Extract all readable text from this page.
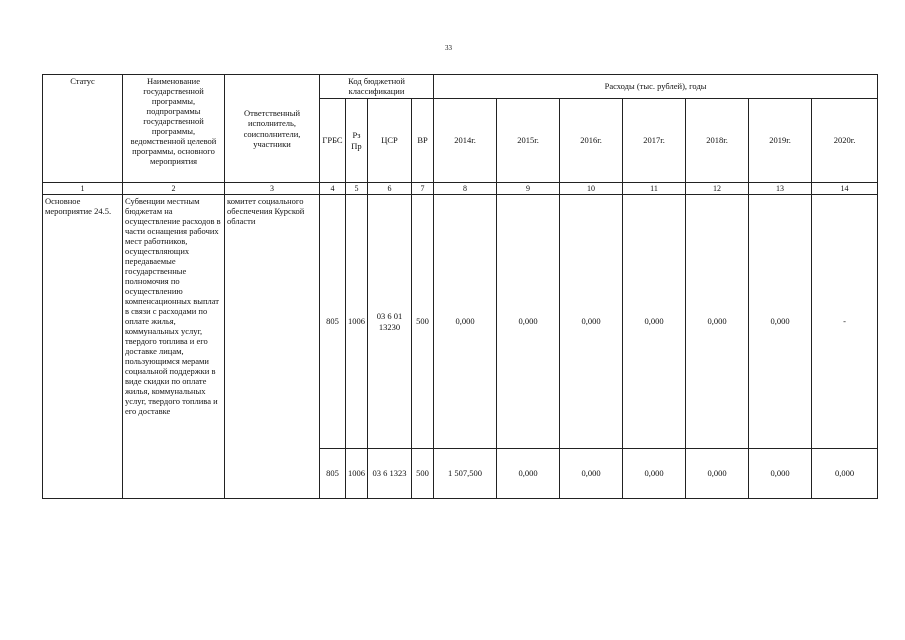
33
Статус	Наименование государственной программы, подпрограммы государственной программы, ведомственной целевой программы, основного мероприятия	Ответственный исполнитель, соисполнители, участники	Код бюджетной классификации				Расходы (тыс. рублей), годы						
			ГРБС	Рз Пр	ЦСР	ВР	2014г.	2015г.	2016г.	2017г.	2018г.	2019г.	2020г.
1	2	3	4	5	6	7	8	9	10	11	12	13	14
Основное мероприятие 24.5.	Субвенции местным бюджетам на осуществление расходов в части оснащения рабочих мест работников, осуществляющих передаваемые государственные полномочия по осуществлению компенсационных выплат в связи с расходами по оплате жилья, коммунальных услуг, твердого топлива и его доставке лицам, пользующимся мерами социальной поддержки в виде скидки по оплате жилья, коммунальных услуг, твердого топлива и его доставке	комитет социального обеспечения Курской области	805	1006	03 6 01 13230	500	0,000	0,000	0,000	0,000	0,000	0,000	-
			805	1006	03 6 1323	500	1 507,500	0,000	0,000	0,000	0,000	0,000	0,000
